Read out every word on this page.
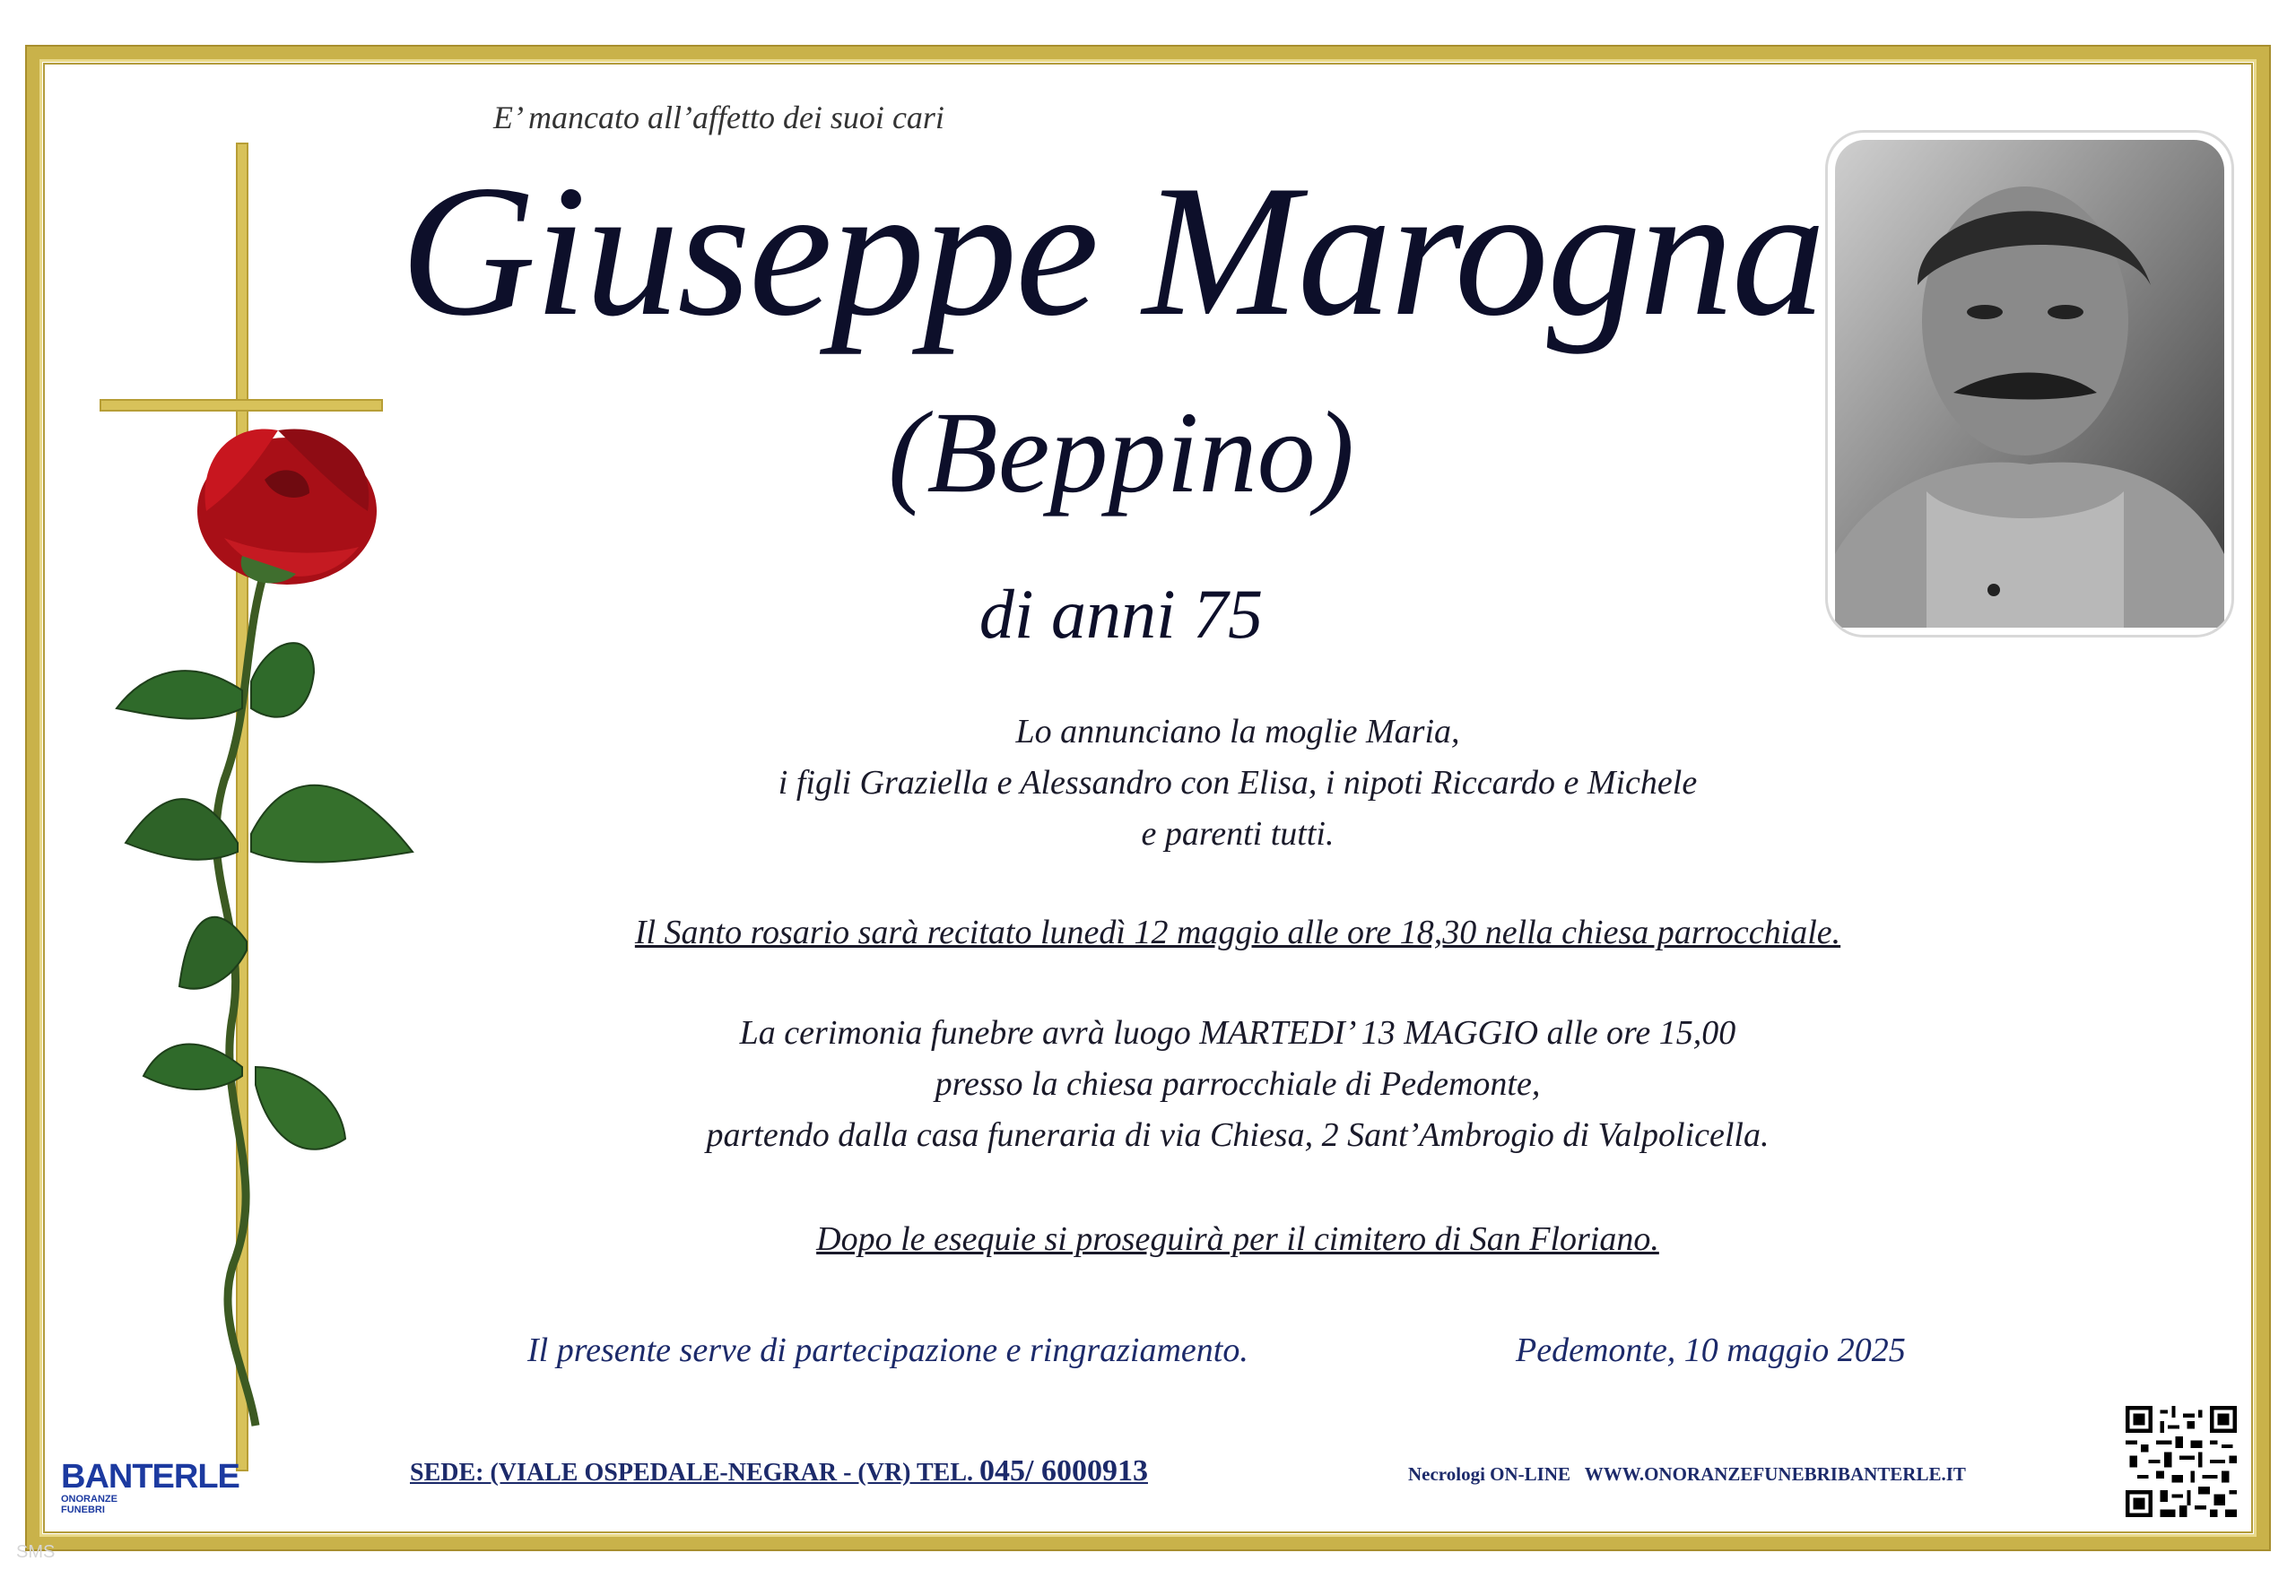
E’ mancato all’affetto dei suoi cari
Giuseppe Marogna
(Beppino)
di anni 75
Lo annunciano la moglie Maria,
i figli Graziella e Alessandro con Elisa, i nipoti Riccardo e Michele
e parenti tutti.
Il Santo rosario sarà recitato lunedì 12 maggio alle ore 18,30 nella chiesa parrocchiale.
La cerimonia funebre avrà luogo MARTEDI’ 13 MAGGIO alle ore 15,00
presso la chiesa parrocchiale di Pedemonte,
partendo dalla casa funeraria di via Chiesa, 2 Sant’Ambrogio di Valpolicella.
Dopo le esequie si proseguirà per il cimitero di San Floriano.
Il presente serve di partecipazione e ringraziamento.	Pedemonte, 10 maggio 2025
BANTERLE
ONORANZE
FUNEBRI
SEDE: (VIALE OSPEDALE-NEGRAR - (VR) TEL. 045/ 6000913	Necrologi ON-LINE WWW.ONORANZEFUNEBRIBANTERLE.IT
SMS
